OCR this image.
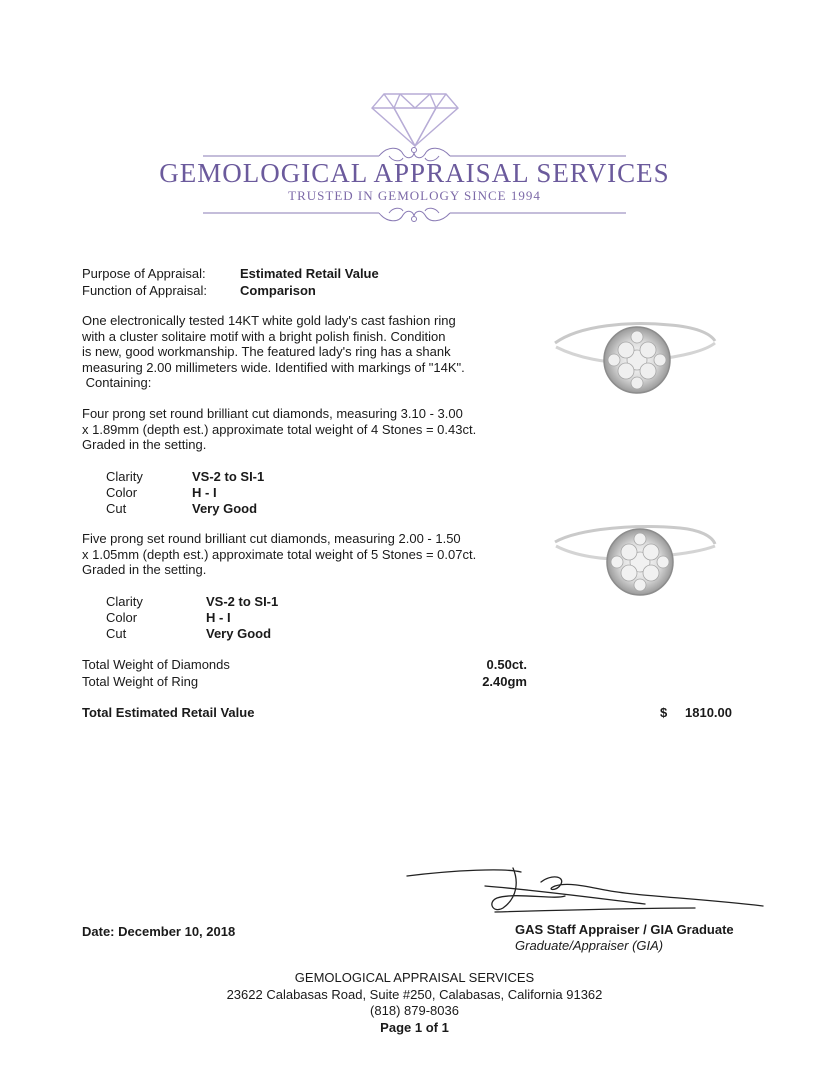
GEMOLOGICAL APPRAISAL SERVICES
TRUSTED IN GEMOLOGY SINCE 1994
Purpose of Appraisal:	Estimated Retail Value
Function of Appraisal:	Comparison
One electronically tested 14KT white gold lady's cast fashion ring
with a cluster solitaire motif with a bright polish finish. Condition
is new, good workmanship. The featured lady's ring has a shank
measuring 2.00 millimeters wide. Identified with markings of "14K".
Containing:
Four prong set round brilliant cut diamonds, measuring 3.10 - 3.00
x 1.89mm (depth est.) approximate total weight of 4 Stones = 0.43ct.
Graded in the setting.
Clarity	VS-2 to SI-1
Color	H - I
Cut	Very Good
Five prong set round brilliant cut diamonds, measuring 2.00 - 1.50
x 1.05mm (depth est.) approximate total weight of 5 Stones = 0.07ct.
Graded in the setting.
Clarity	VS-2 to SI-1
Color	H - I
Cut	Very Good
Total Weight of Diamonds	0.50ct.
Total Weight of Ring	2.40gm
Total Estimated Retail Value	$	1810.00
Date: December 10, 2018	GAS Staff Appraiser / GIA Graduate
Graduate/Appraiser (GIA)
GEMOLOGICAL APPRAISAL SERVICES
23622 Calabasas Road, Suite #250, Calabasas, California 91362
(818) 879-8036
Page 1 of 1
